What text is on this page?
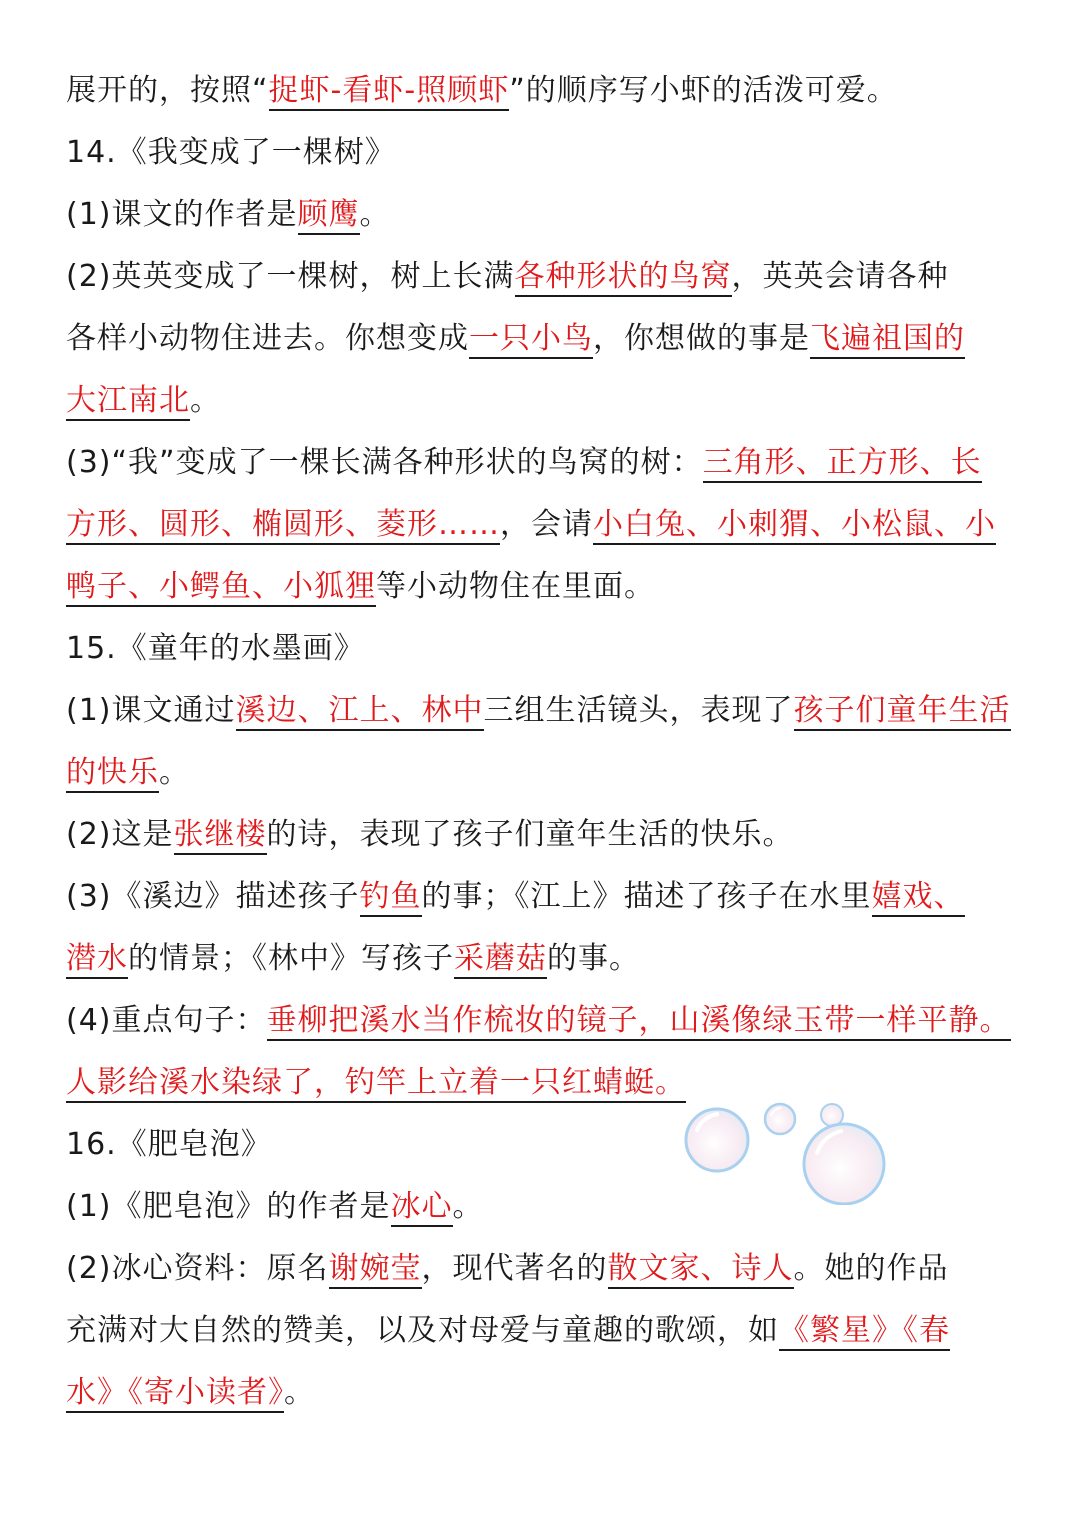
展开的，按照“捉虾-看虾-照顾虾”的顺序写小虾的活泼可爱。
14.《我变成了一棵树》
(1)课文的作者是顾鹰。
(2)英英变成了一棵树，树上长满各种形状的鸟窝，英英会请各种
各样小动物住进去。你想变成一只小鸟，你想做的事是飞遍祖国的
大江南北。
(3)“我”变成了一棵长满各种形状的鸟窝的树：三角形、正方形、长
方形、圆形、椭圆形、菱形……，会请小白兔、小刺猬、小松鼠、小
鸭子、小鳄鱼、小狐狸等小动物住在里面。
15.《童年的水墨画》
(1)课文通过溪边、江上、林中三组生活镜头，表现了孩子们童年生活
的快乐。
(2)这是张继楼的诗，表现了孩子们童年生活的快乐。
(3)《溪边》描述孩子钓鱼的事；《江上》描述了孩子在水里嬉戏、
潜水的情景；《林中》写孩子采蘑菇的事。
(4)重点句子：垂柳把溪水当作梳妆的镜子，山溪像绿玉带一样平静。
人影给溪水染绿了，钓竿上立着一只红蜻蜓。
16.《肥皂泡》
(1)《肥皂泡》的作者是冰心。
(2)冰心资料：原名谢婉莹，现代著名的散文家、诗人。她的作品
充满对大自然的赞美，以及对母爱与童趣的歌颂，如《繁星》《春
水》《寄小读者》。
